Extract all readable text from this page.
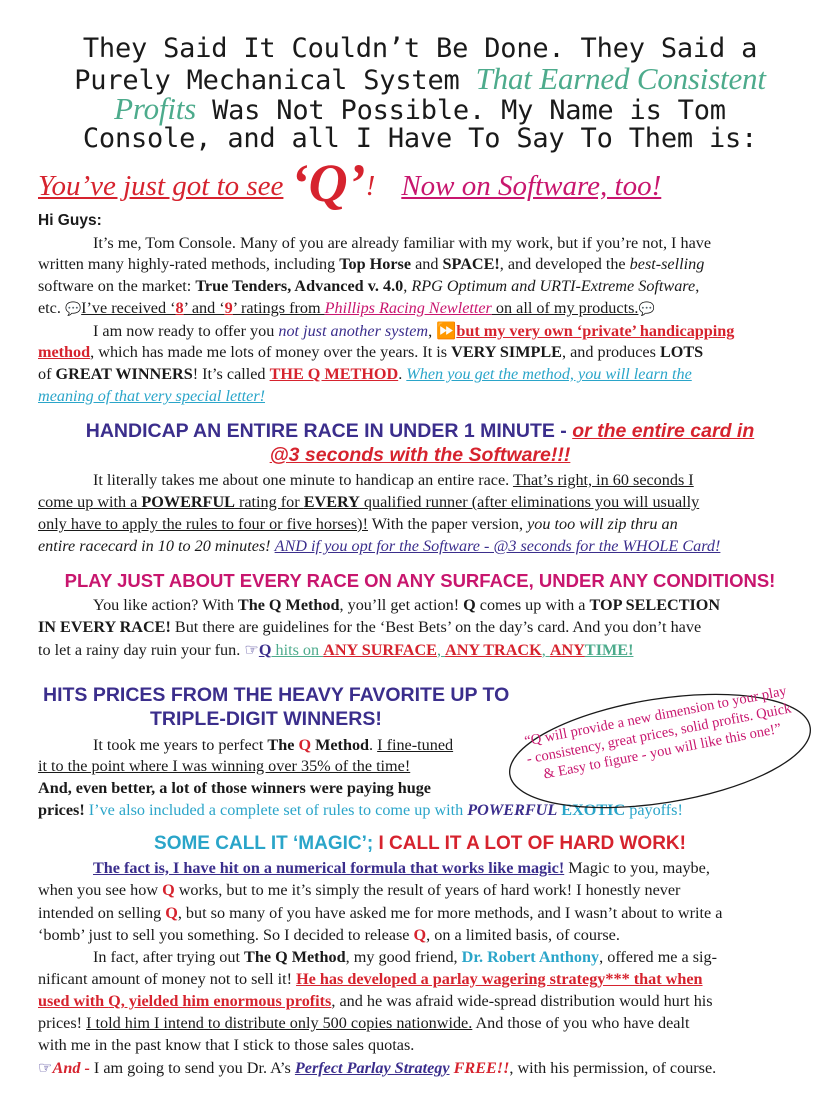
They Said It Couldn’t Be Done. They Said a
Purely Mechanical System That Earned Consistent
Profits Was Not Possible. My Name is Tom
Console, and all I Have To Say To Them is:
You’ve just got to see ‘Q’! Now on Software, too!
Hi Guys:
It’s me, Tom Console. Many of you are already familiar with my work, but if you’re not, I have
written many highly-rated methods, including Top Horse and SPACE!, and developed the best-selling
software on the market: True Tenders, Advanced v. 4.0, RPG Optimum and URTI-Extreme Software,
etc. 💬I’ve received ‘8’ and ‘9’ ratings from Phillips Racing Newletter on all of my products.💬
I am now ready to offer you not just another system, ⏩but my very own ‘private’ handicapping
method, which has made me lots of money over the years. It is VERY SIMPLE, and produces LOTS
of GREAT WINNERS! It’s called THE Q METHOD. When you get the method, you will learn the
meaning of that very special letter!
HANDICAP AN ENTIRE RACE IN UNDER 1 MINUTE - or the entire card in
@3 seconds with the Software!!!
It literally takes me about one minute to handicap an entire race. That’s right, in 60 seconds I
come up with a POWERFUL rating for EVERY qualified runner (after eliminations you will usually
only have to apply the rules to four or five horses)! With the paper version, you too will zip thru an
entire racecard in 10 to 20 minutes! AND if you opt for the Software - @3 seconds for the WHOLE Card!
PLAY JUST ABOUT EVERY RACE ON ANY SURFACE, UNDER ANY CONDITIONS!
You like action? With The Q Method, you’ll get action! Q comes up with a TOP SELECTION
IN EVERY RACE! But there are guidelines for the ‘Best Bets’ on the day’s card. And you don’t have
to let a rainy day ruin your fun. ☞Q hits on ANY SURFACE, ANY TRACK, ANYTIME!
HITS PRICES FROM THE HEAVY FAVORITE UP TO
TRIPLE-DIGIT WINNERS!
It took me years to perfect The Q Method. I fine-tuned
it to the point where I was winning over 35% of the time!
And, even better, a lot of those winners were paying huge
prices! I’ve also included a complete set of rules to come up with POWERFUL EXOTIC payoffs!
“Q will provide a new dimension to your play - consistency, great prices, solid profits. Quick & Easy to figure - you will like this one!”
SOME CALL IT ‘MAGIC’; I CALL IT A LOT OF HARD WORK!
The fact is, I have hit on a numerical formula that works like magic! Magic to you, maybe,
when you see how Q works, but to me it’s simply the result of years of hard work! I honestly never
intended on selling Q, but so many of you have asked me for more methods, and I wasn’t about to write a
‘bomb’ just to sell you something. So I decided to release Q, on a limited basis, of course.
In fact, after trying out The Q Method, my good friend, Dr. Robert Anthony, offered me a sig-
nificant amount of money not to sell it! He has developed a parlay wagering strategy*** that when
used with Q, yielded him enormous profits, and he was afraid wide-spread distribution would hurt his
prices! I told him I intend to distribute only 500 copies nationwide. And those of you who have dealt
with me in the past know that I stick to those sales quotas.
☞And - I am going to send you Dr. A’s Perfect Parlay Strategy FREE!!, with his permission, of course.
